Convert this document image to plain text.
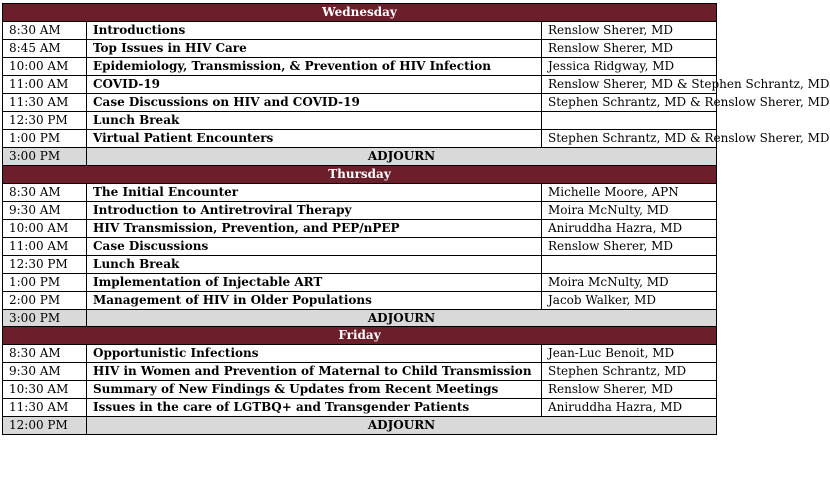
Wednesday		
8:30 AM	Introductions	Renslow Sherer, MD
8:45 AM	Top Issues in HIV Care	Renslow Sherer, MD
10:00 AM	Epidemiology, Transmission, & Prevention of HIV Infection	Jessica Ridgway, MD
11:00 AM	COVID-19	Renslow Sherer, MD & Stephen Schrantz, MD
11:30 AM	Case Discussions on HIV and COVID-19	Stephen Schrantz, MD & Renslow Sherer, MD
12:30 PM	Lunch Break	
1:00 PM	Virtual Patient Encounters	Stephen Schrantz, MD & Renslow Sherer, MD
3:00 PM	ADJOURN	
Thursday		
8:30 AM	The Initial Encounter	Michelle Moore, APN
9:30 AM	Introduction to Antiretroviral Therapy	Moira McNulty, MD
10:00 AM	HIV Transmission, Prevention, and PEP/nPEP	Aniruddha Hazra, MD
11:00 AM	Case Discussions	Renslow Sherer, MD
12:30 PM	Lunch Break	
1:00 PM	Implementation of Injectable ART	Moira McNulty, MD
2:00 PM	Management of HIV in Older Populations	Jacob Walker, MD
3:00 PM	ADJOURN	
Friday		
8:30 AM	Opportunistic Infections	Jean-Luc Benoit, MD
9:30 AM	HIV in Women and Prevention of Maternal to Child Transmission	Stephen Schrantz, MD
10:30 AM	Summary of New Findings & Updates from Recent Meetings	Renslow Sherer, MD
11:30 AM	Issues in the care of LGTBQ+ and Transgender Patients	Aniruddha Hazra, MD
12:00 PM	ADJOURN	
